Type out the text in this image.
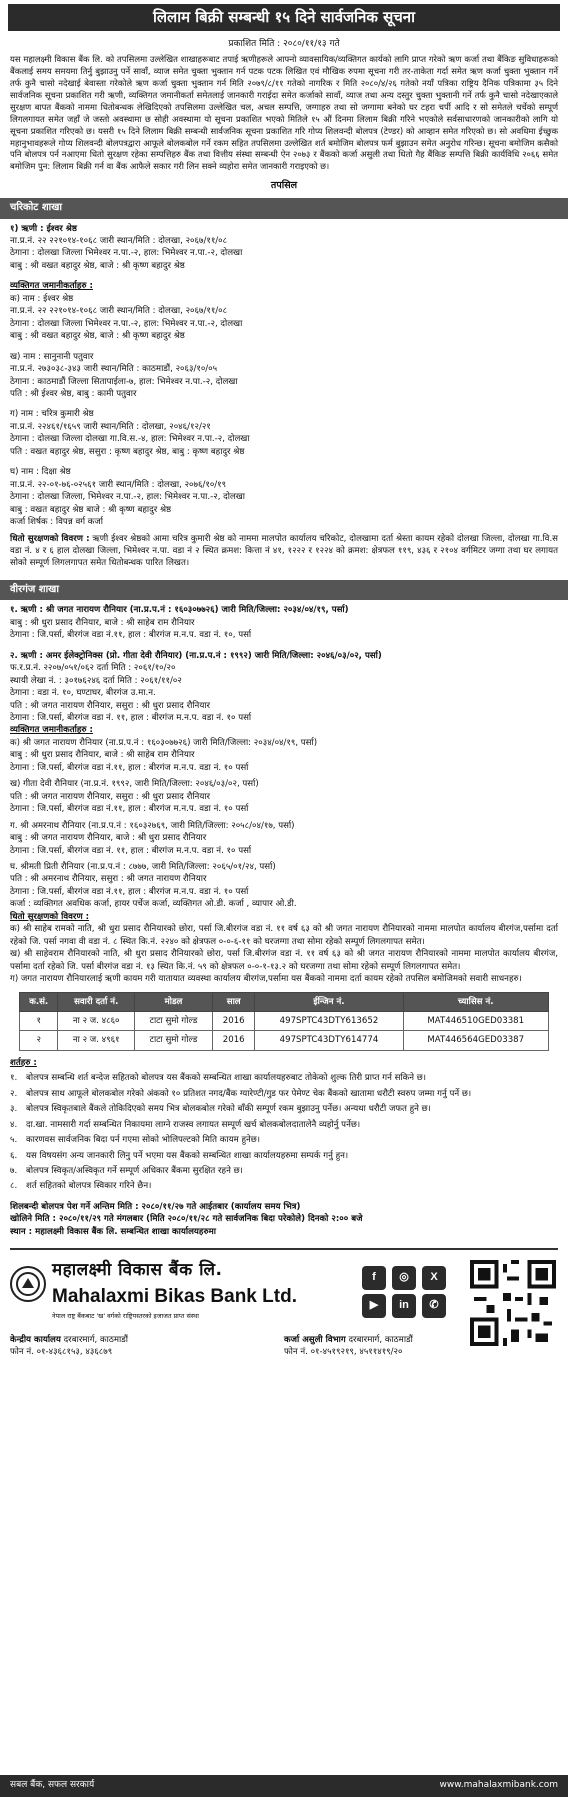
लिलाम बिक्री सम्बन्धी १५ दिने सार्वजनिक सूचना
प्रकाशित मिति : २०८०/११/१३ गते
यस महालक्ष्मी विकास बैंक लि. को तपसिलमा उल्लेखित शाखाहरूबाट तपाई ऋणीहरूले आफ्नो व्यावसायिक/व्यक्तिगत कार्यको लागि प्राप्त गरेको ऋण कर्जा तथा बैंकिङ सुविधाहरूको बैंकलाई समय समयमा तिर्नु बुझाउनु पर्ने सावाँ, व्याज समेत चुक्ता भुक्तान गर्न पटक पटक लिखित एवं मौखिक रुपमा सूचना गरी तर-ताकेता गर्दा समेत ऋण कर्जा चुक्ता भुक्तान गर्ने तर्फ कुनै चासो नदेखाई बेवास्ता गरेकोले ऋण कर्जा चुक्ता भुक्तान गर्न मिति २०७९/८/११ गतेको नागरिक र मिति २०८०/४/२६ गतेको नयाँ पत्रिका राष्ट्रिय दैनिक पत्रिकामा ३५ दिने सार्वजनिक सूचना प्रकाशित गरी ऋणी, व्यक्तिगत जमानीकर्ता समेतलाई जानकारी गराईदा समेत कर्जाको सावाँ, व्याज तथा अन्य दस्तुर चुक्ता भुक्तानी गर्ने तर्फ कुनै चासो नदेखाएकाले सुरक्षण बापत बैंकको नाममा धितोबन्धक लेखिदिएको तपसिलमा उल्लेखित चल, अचल सम्पत्ति, जग्गाहरु तथा सो जग्गामा बनेको घर टहरा चर्पी आदि र सो समेतले चर्चेको सम्पूर्ण लिगलगायत समेत जहाँ जे जस्तो अवस्थामा छ सोही अवस्थामा यो सूचना प्रकाशित भएको मितिले १५ औं दिनमा लिलाम बिक्री गरिने भएकोले सर्वसाधारणको जानकारीको लागि यो सूचना प्रकाशित गरिएको छ। यसरी १५ दिने लिलाम बिक्री सम्बन्धी सार्वजनिक सूचना प्रकाशित गरि गोप्य शिलवन्दी बोलपत्र (टेण्डर) को आव्हान समेत गरिएको छ। सो अवधिमा ईच्छुक महानुभावहरूले गोप्य शिलवन्दी बोलपत्रद्वारा आफूले बोलकबोल गर्ने रकम सहित तपसिलमा उल्लेखित शर्त बमोजिम बोलपत्र फर्म बुझाउन समेत अनुरोध गरिन्छ। सूचना बमोजिम कसैको पनि बोलपत्र पर्न नआएमा धितो सुरक्षण रहेका सम्पत्तिहरु बैंक तथा वित्तीय संस्था सम्बन्धी ऐन २०७३ र बैंकको कर्जा असुली तथा धितो गैह बैंकिङ सम्पत्ति बिक्री कार्यविधि २०६६ समेत बमोजिम पुन: लिलाम बिक्री गर्न वा बैंक आफैले सकार गरी लिन सक्ने व्यहोरा समेत जानकारी गराइएको छ।
तपसिल
चरिकोट शाखा
१) ऋणी : ईश्वर श्रेष्ठ
ना.प्र.नं. २२ २२१०१४-१०६८ जारी स्थान/मिति : दोलखा, २०६७/११/०८
ठेगाना : दोलखा जिल्ला भिमेश्वर न.पा.-२, हाल: भिमेश्वर न.पा.-२, दोलखा
बाबु : श्री वखत बहादुर श्रेष्ठ, बाजे : श्री कृष्ण बहादुर श्रेष्ठ
व्यक्तिगत जमानीकर्ताहरु :
क) नाम : ईश्वर श्रेष्ठ
ना.प्र.नं. २२ २२१०१४-१०६८ जारी स्थान/मिति : दोलखा, २०६७/११/०८
ठेगाना : दोलखा जिल्ला भिमेश्वर न.पा.-२, हाल: भिमेश्वर न.पा.-२, दोलखा
बाबु : श्री वखत बहादुर श्रेष्ठ, बाजे : श्री कृष्ण बहादुर श्रेष्ठ
ख) नाम : सानुनानी पतुवार
ना.प्र.नं. २७३०३८-३४३ जारी स्थान/मिति : काठमाडौं, २०६३/१०/०५
ठेगाना : काठमाडौं जिल्ला सितापाईला-७, हाल: भिमेश्वर न.पा.-२, दोलखा
पति : श्री ईश्वर श्रेष्ठ, बाबु : कामी पतुवार
ग) नाम : चरित्र कुमारी श्रेष्ठ
ना.प्र.नं. २२४६१/१६५९ जारी स्थान/मिति : दोलखा, २०४६/१२/२१
ठेगाना : दोलखा जिल्ला दोलखा गा.वि.स.-४, हाल: भिमेश्वर न.पा.-२, दोलखा
पति : वखत बहादुर श्रेष्ठ, ससुरा : कृष्ण बहादुर श्रेष्ठ, बाबु : कृष्ण बहादुर श्रेष्ठ
घ) नाम : दिक्षा श्रेष्ठ
ना.प्र.नं. २२-०१-७६-०२५६१ जारी स्थान/मिति : दोलखा, २०७६/१०/१९
ठेगाना : दोलखा जिल्ला, भिमेश्वर न.पा.-२, हाल: भिमेश्वर न.पा.-२, दोलखा
बाबु : वखत बहादुर श्रेष्ठ बाजे : श्री कृष्ण बहादुर श्रेष्ठ
कर्जा शिर्षक : विपन्न वर्ग कर्जा
धितो सुरक्षणको विवरण : ऋणी ईश्वर श्रेष्ठको आमा चरित्र कुमारी श्रेष्ठ को नाममा मालपोत कार्यालय चरिकोट, दोलखामा दर्ता श्रेस्ता कायम रहेको दोलखा जिल्ला, दोलखा गा.वि.स वडा नं. ४ र ६ हाल दोलखा जिल्ला, भिमेश्वर न.पा. वडा नं २ स्थित क्रमश: कित्ता नं ४१, १२२२ र १२२४ को क्रमश: क्षेत्रफल ११९, ४३६ र २१०४ वर्गमिटर जग्गा तथा घर लगायत सोको सम्पूर्ण लिगलगापत समेत धितोबन्धक पारित लिखत।
वीरगंज शाखा
१. ऋणी : श्री जगत नारायण रौनियार (ना.प्र.प.नं : १६०३०७७२६) जारी मिति/जिल्ला: २०३४/०४/१९, पर्सा)
बाबु : श्री धुरा प्रसाद रौनियार, बाजे : श्री साहेब राम रौनियार
ठेगाना : जि.पर्सा, बीरगंज वडा नं.११, हाल : बीरगंज म.न.प. वडा नं. १०, पर्सा
२. ऋणी : अमर ईलेक्ट्रोनिक्स (प्रो. गीता देवी रौनियार) (ना.प्र.प.नं : १९९२) जारी मिति/जिल्ला: २०४६/०३/०२, पर्सा)
फ.र.प्र.नं. २२०७/०५१/०६२ दर्ता मिति : २०६१/१०/२०
स्थायी लेखा नं. : ३०१७६२४६ दर्ता मिति : २०६१/११/०२
ठेगाना : वडा नं. १०, घण्टाघर, बीरगंज उ.मा.न.
पति : श्री जगत नारायण रौनियार, ससुरा : श्री धुरा प्रसाद रौनियार
ठेगाना : जि.पर्सा, बीरगंज वडा नं. ११, हाल : बीरगंज म.न.प. वडा नं. १० पर्सा
व्यक्तिगत जमानीकर्ताहरु :
क) श्री जगत नारायण रौनियार (ना.प्र.प.नं : १६०३०७७२६) जारी मिति/जिल्ला: २०३४/०४/१९, पर्सा)
बाबु : श्री धुरा प्रसाद रौनियार, बाजे : श्री साहेब राम रौनियार
ठेगाना : जि.पर्सा, बीरगंज वडा नं.११, हाल : बीरगंज म.न.प. वडा नं. १० पर्सा
ख) गीता देवी रौनियार (ना.प्र.नं. १९९२, जारी मिति/जिल्ला: २०४६/०३/०२, पर्सा)
पति : श्री जगत नारायण रौनियार, ससुरा : श्री धुरा प्रसाद रौनियार
ठेगाना : जि.पर्सा, बीरगंज वडा नं.११, हाल : बीरगंज म.न.प. वडा नं. १० पर्सा
ग. श्री अमरनाथ रौनियार (ना.प्र.प.नं : १६०३२७६९, जारी मिति/जिल्ला: २०५८/०४/१७, पर्सा)
बाबु : श्री जगत नारायण रौनियार, बाजे : श्री धुरा प्रसाद रौनियार
ठेगाना : जि.पर्सा, बीरगंज वडा नं. ११, हाल : बीरगंज म.न.प. वडा नं. १० पर्सा
घ. श्रीमती प्रिती रौनियार (ना.प्र.प.नं : ८७७७, जारी मिति/जिल्ला: २०६५/०१/२४, पर्सा)
पति : श्री अमरनाथ रौनियार, ससुरा : श्री जगत नारायण रौनियार
ठेगाना : जि.पर्सा, बीरगंज वडा नं.११, हाल : बीरगंज म.न.प. वडा नं. १० पर्सा
कर्जा : व्यक्तिगत अवधिक कर्जा, हायर पर्चेज कर्जा, व्यक्तिगत ओ.डी. कर्जा , व्यापार ओ.डी.
धितो सुरक्षणको विवरण :
क) श्री साहेब रामको नाति, श्री धुरा प्रसाद रौनियारको छोरा, पर्सा जि.बीरगंज वडा नं. ११ वर्ष ६३ को श्री जगत नारायण रौनियारको नाममा मालपोत कार्यालय बीरगंज,पर्सामा दर्ता रहेको जि. पर्सा नगवा वी वडा नं. ८ स्थित कि.नं. २२४० को क्षेत्रफल ०-०-६-११ को घरजग्गा तथा सोमा रहेको सम्पूर्ण लिगलगापत समेत।
ख) श्री साहेवराम रौनियारको नाति, श्री धुरा प्रसाद रौनियारको छोरा, पर्सा जि.बीरगंज वडा नं. ११ वर्ष ६३ को श्री जगत नारायण रौनियारको नाममा मालपोत कार्यालय बीरगंज, पर्सामा दर्ता रहेको जि. पर्सा बीरगंज वडा नं. १३ स्थित कि.नं. ५९ को क्षेत्रफल ०-०-१-१३.२ को घरजग्गा तथा सोमा रहेको सम्पूर्ण लिगलगापत समेत।
ग) जगत नारायण रौनियारलाई ऋणी कायम गरी यातायात व्यवस्था कार्यालय बीरगंज,पर्सामा यस बैंकको नाममा दर्ता कायम रहेको तपसिल बमोजिमको सवारी साधनहरु।
क.सं.	सवारी दर्ता नं.	मोडल	साल	ईन्जिन नं.	च्यासिस नं.
१	ना २ ज. ४८६०	टाटा सुमो गोल्ड	2016	497SPTC43DTY613652	MAT446510GED03381
२	ना २ ज. ४९६१	टाटा सुमो गोल्ड	2016	497SPTC43DTY614774	MAT446564GED03387
शर्तहरु :
१.	बोलपत्र सम्बन्धि शर्त बन्देज सहितको बोलपत्र यस बैंकको सम्बन्धित शाखा कार्यालयहरुबाट तोकेको शुल्क तिरी प्राप्त गर्न सकिने छ।
२.	बोलपत्र साथ आफूले बोलकबोल गरेको अंकको १० प्रतिशत नगद/बैंक ग्यारेण्टी/गुड फर पेमेण्ट चेक बैंकको खातामा धरौटी स्वरुप जम्मा गर्नु पर्ने छ।
३.	बोलपत्र स्विकृतबाले बैंकले तोकिदिएको समय भित्र बोलकबोल गरेको बाँकी सम्पूर्ण रकम बुझाउनु पर्नेछ। अन्यथा धरौटी जफत हुने छ।
४.	दा.खा. नामसारी गर्दा सम्बन्धित निकायमा लाग्ने राजस्व लगायत सम्पूर्ण खर्च बोलकबोलदातालेनै व्यहोर्नु पर्नेछ।
५.	कारणवस सार्वजनिक बिदा पर्न गएमा सोको भोलिपल्टको मिति कायम हुनेछ।
६.	यस विषयसंग अन्य जानकारी लिनु पर्ने भएमा यस बैंकको सम्बन्धित शाखा कार्यालयहरुमा सम्पर्क गर्नु हुन।
७.	बोलपत्र स्विकृत/अस्विकृत गर्ने सम्पूर्ण अधिकार बैंकमा सुरक्षित रहने छ।
८.	शर्त सहितको बोलपत्र स्विकार गरिने छैन।
शिलबन्दी बोलपत्र पेश गर्ने अन्तिम मिति : २०८०/११/२७ गते आईतबार (कार्यालय समय भित्र)
खोलिने मिति : २०८०/११/२९ गते मंगलबार (मिति २०८०/११/२८ गते सार्वजनिक बिदा परेकोले) दिनको २:०० बजे
स्थान : महालक्ष्मी विकास बैंक लि. सम्बन्धित शाखा कार्यालयहरुमा
महालक्ष्मी विकास बैंक लि.
Mahalaxmi Bikas Bank Ltd.
नेपाल राष्ट्र बैंकबाट 'ख' वर्गको राष्ट्रियस्तरको इजाजत प्राप्त संस्था
f	◎	X
▶	in	✆
केन्द्रीय कार्यालय दरबारमार्ग, काठमाडौं
फोन नं. ०१-४३६८१५३, ४३६८७९
कर्जा असुली विभाग दरबारमार्ग, काठमाडौं
फोन नं. ०१-४५१९२१९, ४५११४१९/२०
सबल बैंक, सफल सरकार्य	www.mahalaxmibank.com
